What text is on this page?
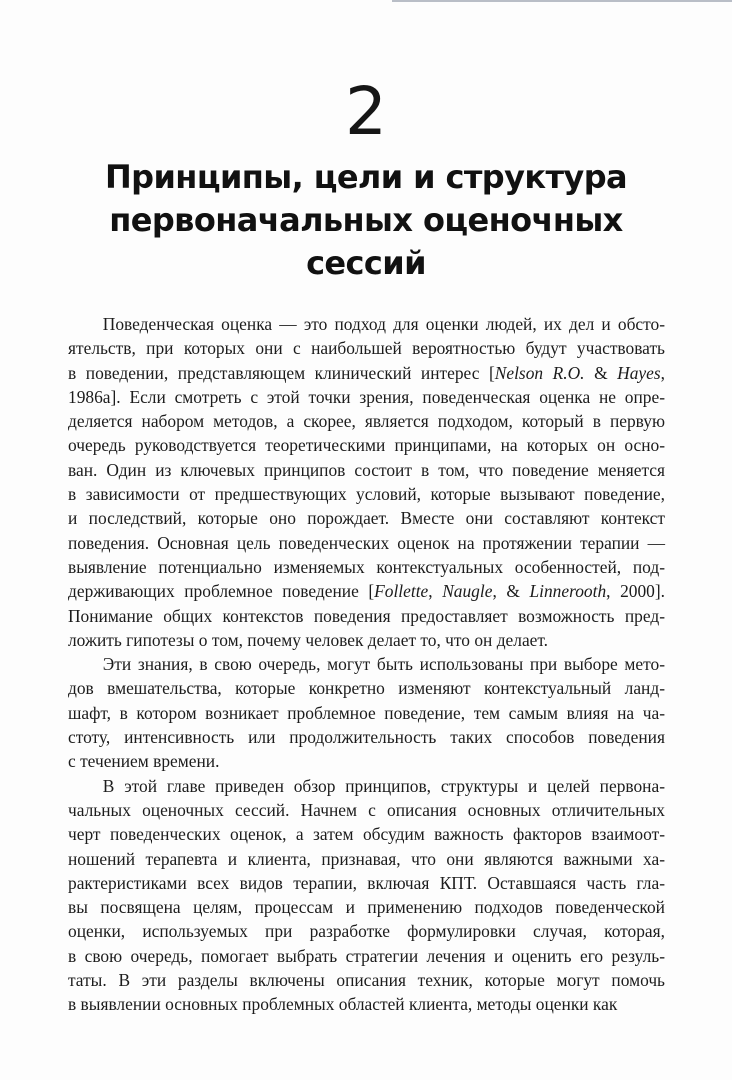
2
Принципы, цели и структура
первоначальных оценочных сессий
  Поведенческая оценка — это подход для оценки людей, их дел и обсто-
ятельств, при которых они с наибольшей вероятностью будут участвовать
в поведении, представляющем клинический интерес [Nelson R.O. & Hayes,
1986a]. Если смотреть с этой точки зрения, поведенческая оценка не опре-
деляется набором методов, а скорее, является подходом, который в первую
очередь руководствуется теоретическими принципами, на которых он осно-
ван. Один из ключевых принципов состоит в том, что поведение меняется
в зависимости от предшествующих условий, которые вызывают поведение,
и последствий, которые оно порождает. Вместе они составляют контекст
поведения. Основная цель поведенческих оценок на протяжении терапии —
выявление потенциально изменяемых контекстуальных особенностей, под-
держивающих проблемное поведение [Follette, Naugle, & Linnerooth, 2000].
Понимание общих контекстов поведения предоставляет возможность пред-
ложить гипотезы о том, почему человек делает то, что он делает.
  Эти знания, в свою очередь, могут быть использованы при выборе мето-
дов вмешательства, которые конкретно изменяют контекстуальный ланд-
шафт, в котором возникает проблемное поведение, тем самым влияя на ча-
стоту, интенсивность или продолжительность таких способов поведения
с течением времени.
  В этой главе приведен обзор принципов, структуры и целей первона-
чальных оценочных сессий. Начнем с описания основных отличительных
черт поведенческих оценок, а затем обсудим важность факторов взаимоот-
ношений терапевта и клиента, признавая, что они являются важными ха-
рактеристиками всех видов терапии, включая КПТ. Оставшаяся часть гла-
вы посвящена целям, процессам и применению подходов поведенческой
оценки, используемых при разработке формулировки случая, которая,
в свою очередь, помогает выбрать стратегии лечения и оценить его резуль-
таты. В эти разделы включены описания техник, которые могут помочь
в выявлении основных проблемных областей клиента, методы оценки как
